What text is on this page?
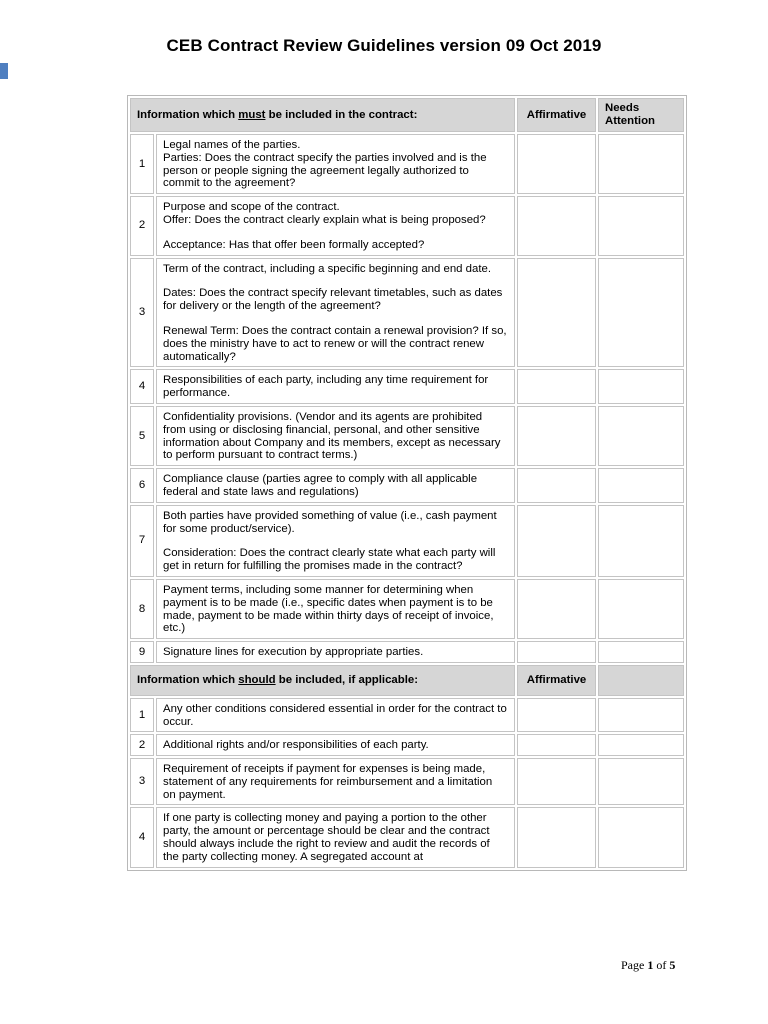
CEB Contract Review Guidelines version 09 Oct 2019
Information which must be included in the contract:		Affirmative	Needs
Attention

1	Legal names of the parties.
Parties: Does the contract specify the parties involved and is the person or people signing the agreement legally authorized to commit to the agreement?		

2	Purpose and scope of the contract.
Offer: Does the contract clearly explain what is being proposed?

Acceptance: Has that offer been formally accepted?		

3	Term of the contract, including a specific beginning and end date.

Dates: Does the contract specify relevant timetables, such as dates for delivery or the length of the agreement?

Renewal Term: Does the contract contain a renewal provision? If so, does the ministry have to act to renew or will the contract renew automatically?		

4	Responsibilities of each party, including any time requirement for performance.		

5	Confidentiality provisions. (Vendor and its agents are prohibited from using or disclosing financial, personal, and other sensitive information about Company and its members, except as necessary to perform pursuant to contract terms.)		

6	Compliance clause (parties agree to comply with all applicable federal and state laws and regulations)		

7	Both parties have provided something of value (i.e., cash payment for some product/service).

Consideration: Does the contract clearly state what each party will get in return for fulfilling the promises made in the contract?		

8	Payment terms, including some manner for determining when payment is to be made (i.e., specific dates when payment is to be made, payment to be made within thirty days of receipt of invoice, etc.)		

9	Signature lines for execution by appropriate parties.		

Information which should be included, if applicable:		Affirmative	
1	Any other conditions considered essential in order for the contract to occur.		

2	Additional rights and/or responsibilities of each party.		

3	Requirement of receipts if payment for expenses is being made, statement of any requirements for reimbursement and a limitation on payment.		

4	If one party is collecting money and paying a portion to the other party, the amount or percentage should be clear and the contract should always include the right to review and audit the records of the party collecting money. A segregated account at		

Page 1 of 5
